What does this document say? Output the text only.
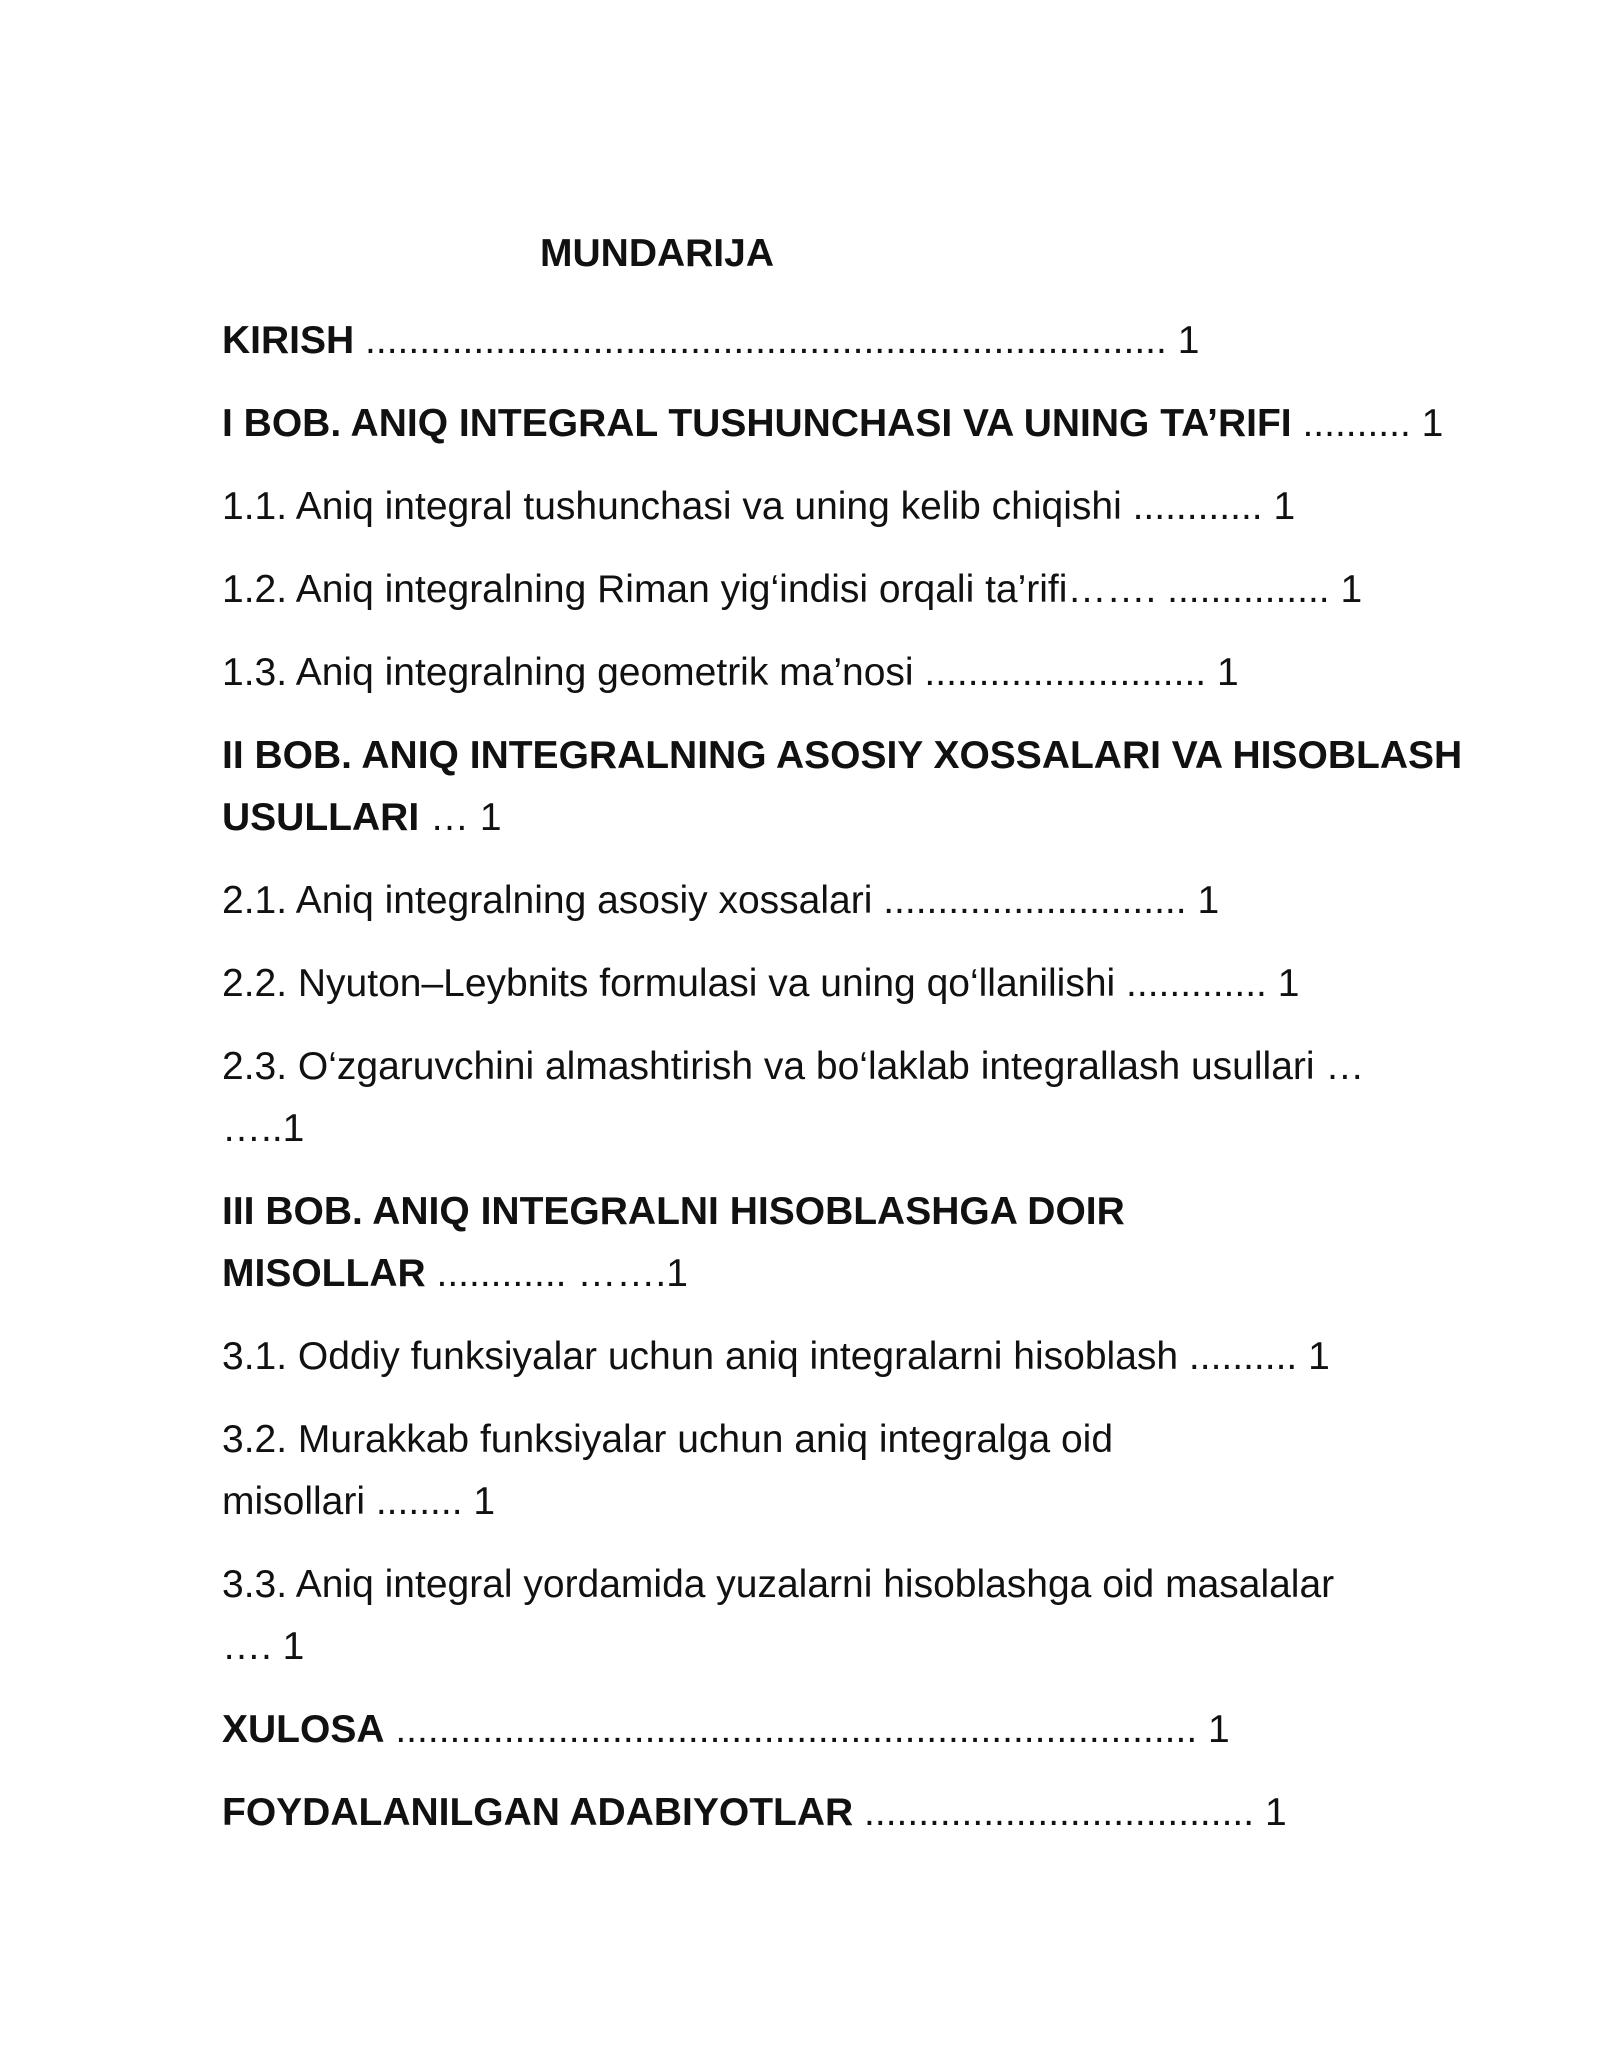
MUNDARIJA
KIRISH .......................................................................... 1
I BOB. ANIQ INTEGRAL TUSHUNCHASI VA UNING TA’RIFI .......... 1
1.1. Aniq integral tushunchasi va uning kelib chiqishi ............ 1
1.2. Aniq integralning Riman yig‘indisi orqali ta’rifi……. ............... 1
1.3. Aniq integralning geometrik ma’nosi .......................... 1
II BOB. ANIQ INTEGRALNING ASOSIY XOSSALARI VA HISOBLASH
USULLARI … 1
2.1. Aniq integralning asosiy xossalari ............................ 1
2.2. Nyuton–Leybnits formulasi va uning qo‘llanilishi ............. 1
2.3. O‘zgaruvchini almashtirish va bo‘laklab integrallash usullari …
…..1
III BOB. ANIQ INTEGRALNI HISOBLASHGA DOIR
MISOLLAR ............ …….1
3.1. Oddiy funksiyalar uchun aniq integralarni hisoblash .......... 1
3.2. Murakkab funksiyalar uchun aniq integralga oid
misollari ........ 1
3.3. Aniq integral yordamida yuzalarni hisoblashga oid masalalar
…. 1
XULOSA .......................................................................... 1
FOYDALANILGAN ADABIYOTLAR .................................... 1
